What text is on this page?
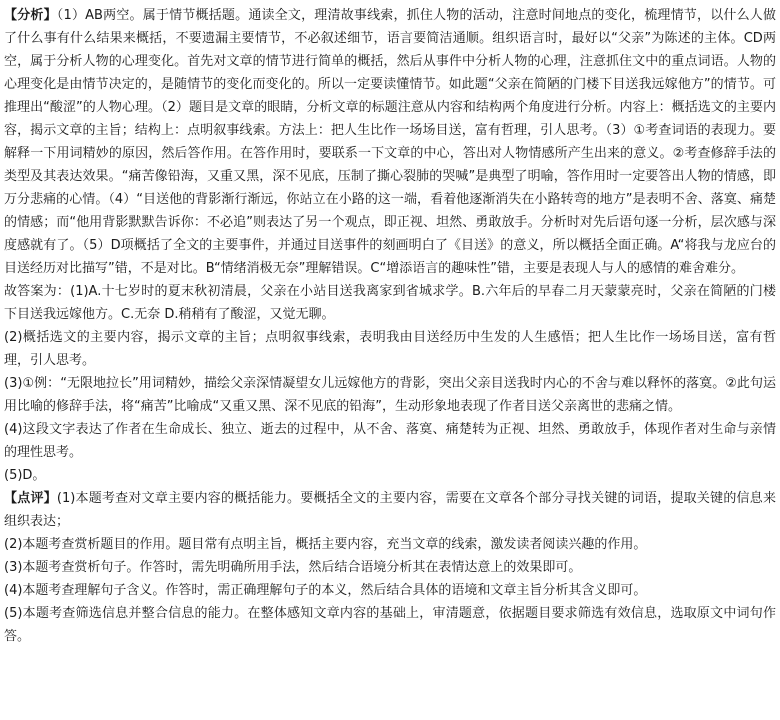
【分析】（1）AB两空。属于情节概括题。通读全文，理清故事线索，抓住人物的活动，注意时间地点的变化，梳理情节，以什么人做了什么事有什么结果来概括，不要遗漏主要情节，不必叙述细节，语言要简洁通顺。组织语言时，最好以“父亲”为陈述的主体。CD两空，属于分析人物的心理变化。首先对文章的情节进行简单的概括，然后从事件中分析人物的心理，注意抓住文中的重点词语。人物的心理变化是由情节决定的，是随情节的变化而变化的。所以一定要读懂情节。如此题“父亲在简陋的门楼下目送我远嫁他方”的情节。可推理出“酸涩”的人物心理。（2）题目是文章的眼睛，分析文章的标题注意从内容和结构两个角度进行分析。内容上：概括选文的主要内容，揭示文章的主旨；结构上：点明叙事线索。方法上：把人生比作一场场目送，富有哲理，引人思考。（3）①考查词语的表现力。要解释一下用词精妙的原因，然后答作用。在答作用时，要联系一下文章的中心，答出对人物情感所产生出来的意义。②考查修辞手法的类型及其表达效果。“痛苦像铅海，又重又黑，深不见底，压制了撕心裂肺的哭喊”是典型了明喻，答作用时一定要答出人物的情感，即万分悲痛的心情。（4）“目送他的背影渐行渐远，你站立在小路的这一端，看着他逐渐消失在小路转弯的地方”是表明不舍、落寞、痛楚的情感；而“他用背影默默告诉你：不必追”则表达了另一个观点，即正视、坦然、勇敢放手。分析时对先后语句逐一分析，层次感与深度感就有了。（5）D项概括了全文的主要事件，并通过目送事件的刻画明白了《目送》的意义，所以概括全面正确。A“将我与龙应台的目送经历对比描写”错，不是对比。B“情绪消极无奈”理解错误。C“增添语言的趣味性”错，主要是表现人与人的感情的难舍难分。

故答案为：(1)A.十七岁时的夏末秋初清晨，父亲在小站目送我离家到省城求学。B.六年后的早春二月天蒙蒙亮时，父亲在简陋的门楼下目送我远嫁他方。C.无奈 D.稍稍有了酸涩，又觉无聊。

(2)概括选文的主要内容，揭示文章的主旨；点明叙事线索，表明我由目送经历中生发的人生感悟；把人生比作一场场目送，富有哲理，引人思考。

(3)①例：“无限地拉长”用词精妙，描绘父亲深情凝望女儿远嫁他方的背影，突出父亲目送我时内心的不舍与难以释怀的落寞。②此句运用比喻的修辞手法，将“痛苦”比喻成“又重又黑、深不见底的铅海”，生动形象地表现了作者目送父亲离世的悲痛之情。

(4)这段文字表达了作者在生命成长、独立、逝去的过程中，从不舍、落寞、痛楚转为正视、坦然、勇敢放手，体现作者对生命与亲情的理性思考。

(5)D。

【点评】(1)本题考查对文章主要内容的概括能力。要概括全文的主要内容，需要在文章各个部分寻找关键的词语，提取关键的信息来组织表达；

(2)本题考查赏析题目的作用。题目常有点明主旨，概括主要内容，充当文章的线索，激发读者阅读兴趣的作用。

(3)本题考查赏析句子。作答时，需先明确所用手法，然后结合语境分析其在表情达意上的效果即可。

(4)本题考查理解句子含义。作答时，需正确理解句子的本义，然后结合具体的语境和文章主旨分析其含义即可。

(5)本题考查筛选信息并整合信息的能力。在整体感知文章内容的基础上，审清题意，依据题目要求筛选有效信息，选取原文中词句作答。
